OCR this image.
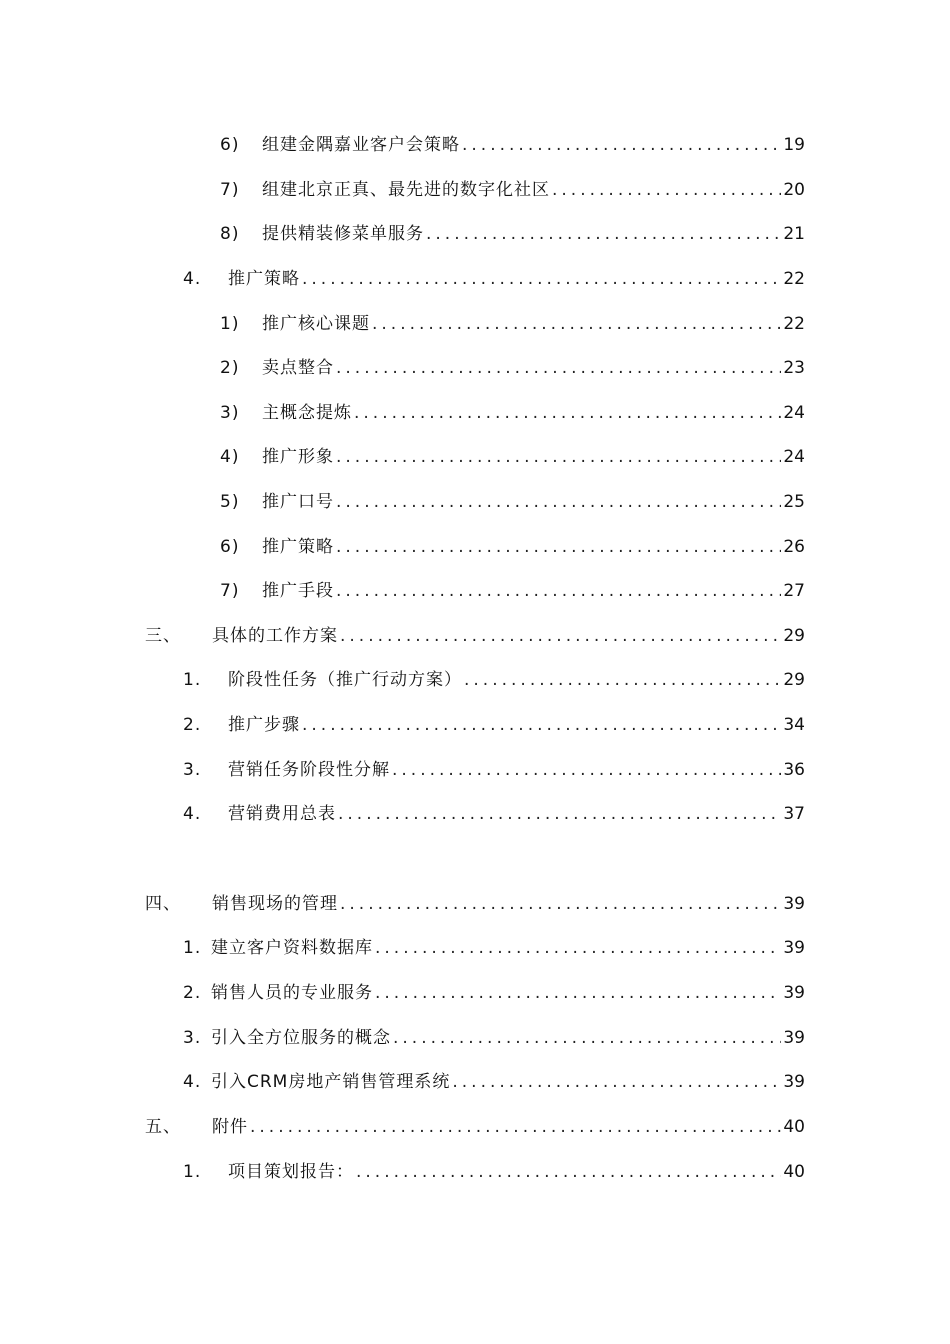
6)	组建金隅嘉业客户会策略 .....	19
7)	组建北京正真、最先进的数字化社区 .....	20
8)	提供精装修菜单服务 .....	21
4.	推广策略 .....	22
1)	推广核心课题 .....	22
2)	卖点整合 .....	23
3)	主概念提炼 .....	24
4)	推广形象 .....	24
5)	推广口号 .....	25
6)	推广策略 .....	26
7)	推广手段 .....	27
三、	具体的工作方案 .....	29
1.	阶段性任务（推广行动方案） .....	29
2.	推广步骤 .....	34
3.	营销任务阶段性分解 .....	36
4.	营销费用总表 .....	37
四、	销售现场的管理 .....	39
1. 建立客户资料数据库 .....	39
2. 销售人员的专业服务 .....	39
3. 引入全方位服务的概念 .....	39
4. 引入CRM房地产销售管理系统 .....	39
五、	附件 .....	40
1.	项目策划报告： .....	40
